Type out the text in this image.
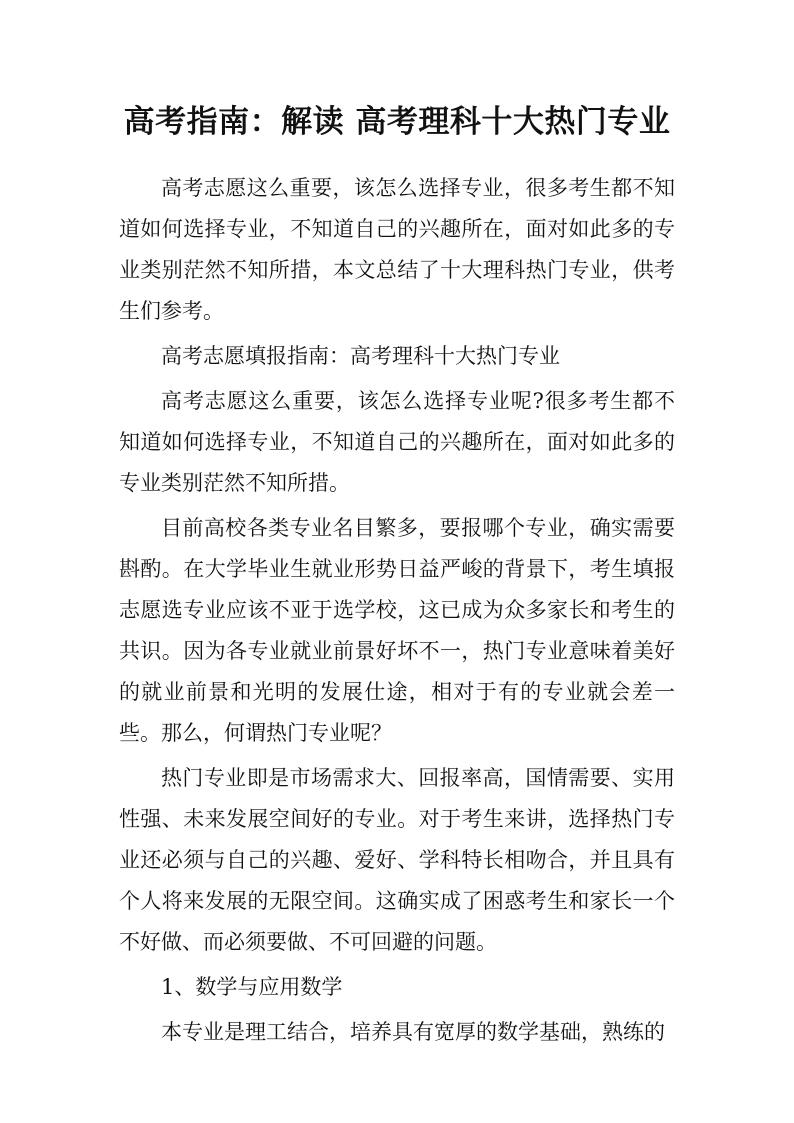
高考指南：解读 高考理科十大热门专业

高考志愿这么重要，该怎么选择专业，很多考生都不知道如何选择专业，不知道自己的兴趣所在，面对如此多的专业类别茫然不知所措，本文总结了十大理科热门专业，供考生们参考。

高考志愿填报指南：高考理科十大热门专业

高考志愿这么重要，该怎么选择专业呢?很多考生都不知道如何选择专业，不知道自己的兴趣所在，面对如此多的专业类别茫然不知所措。

目前高校各类专业名目繁多，要报哪个专业，确实需要斟酌。在大学毕业生就业形势日益严峻的背景下，考生填报志愿选专业应该不亚于选学校，这已成为众多家长和考生的共识。因为各专业就业前景好坏不一，热门专业意味着美好的就业前景和光明的发展仕途，相对于有的专业就会差一些。那么，何谓热门专业呢？

热门专业即是市场需求大、回报率高，国情需要、实用性强、未来发展空间好的专业。对于考生来讲，选择热门专业还必须与自己的兴趣、爱好、学科特长相吻合，并且具有个人将来发展的无限空间。这确实成了困惑考生和家长一个不好做、而必须要做、不可回避的问题。

1、数学与应用数学

本专业是理工结合，培养具有宽厚的数学基础，熟练的
